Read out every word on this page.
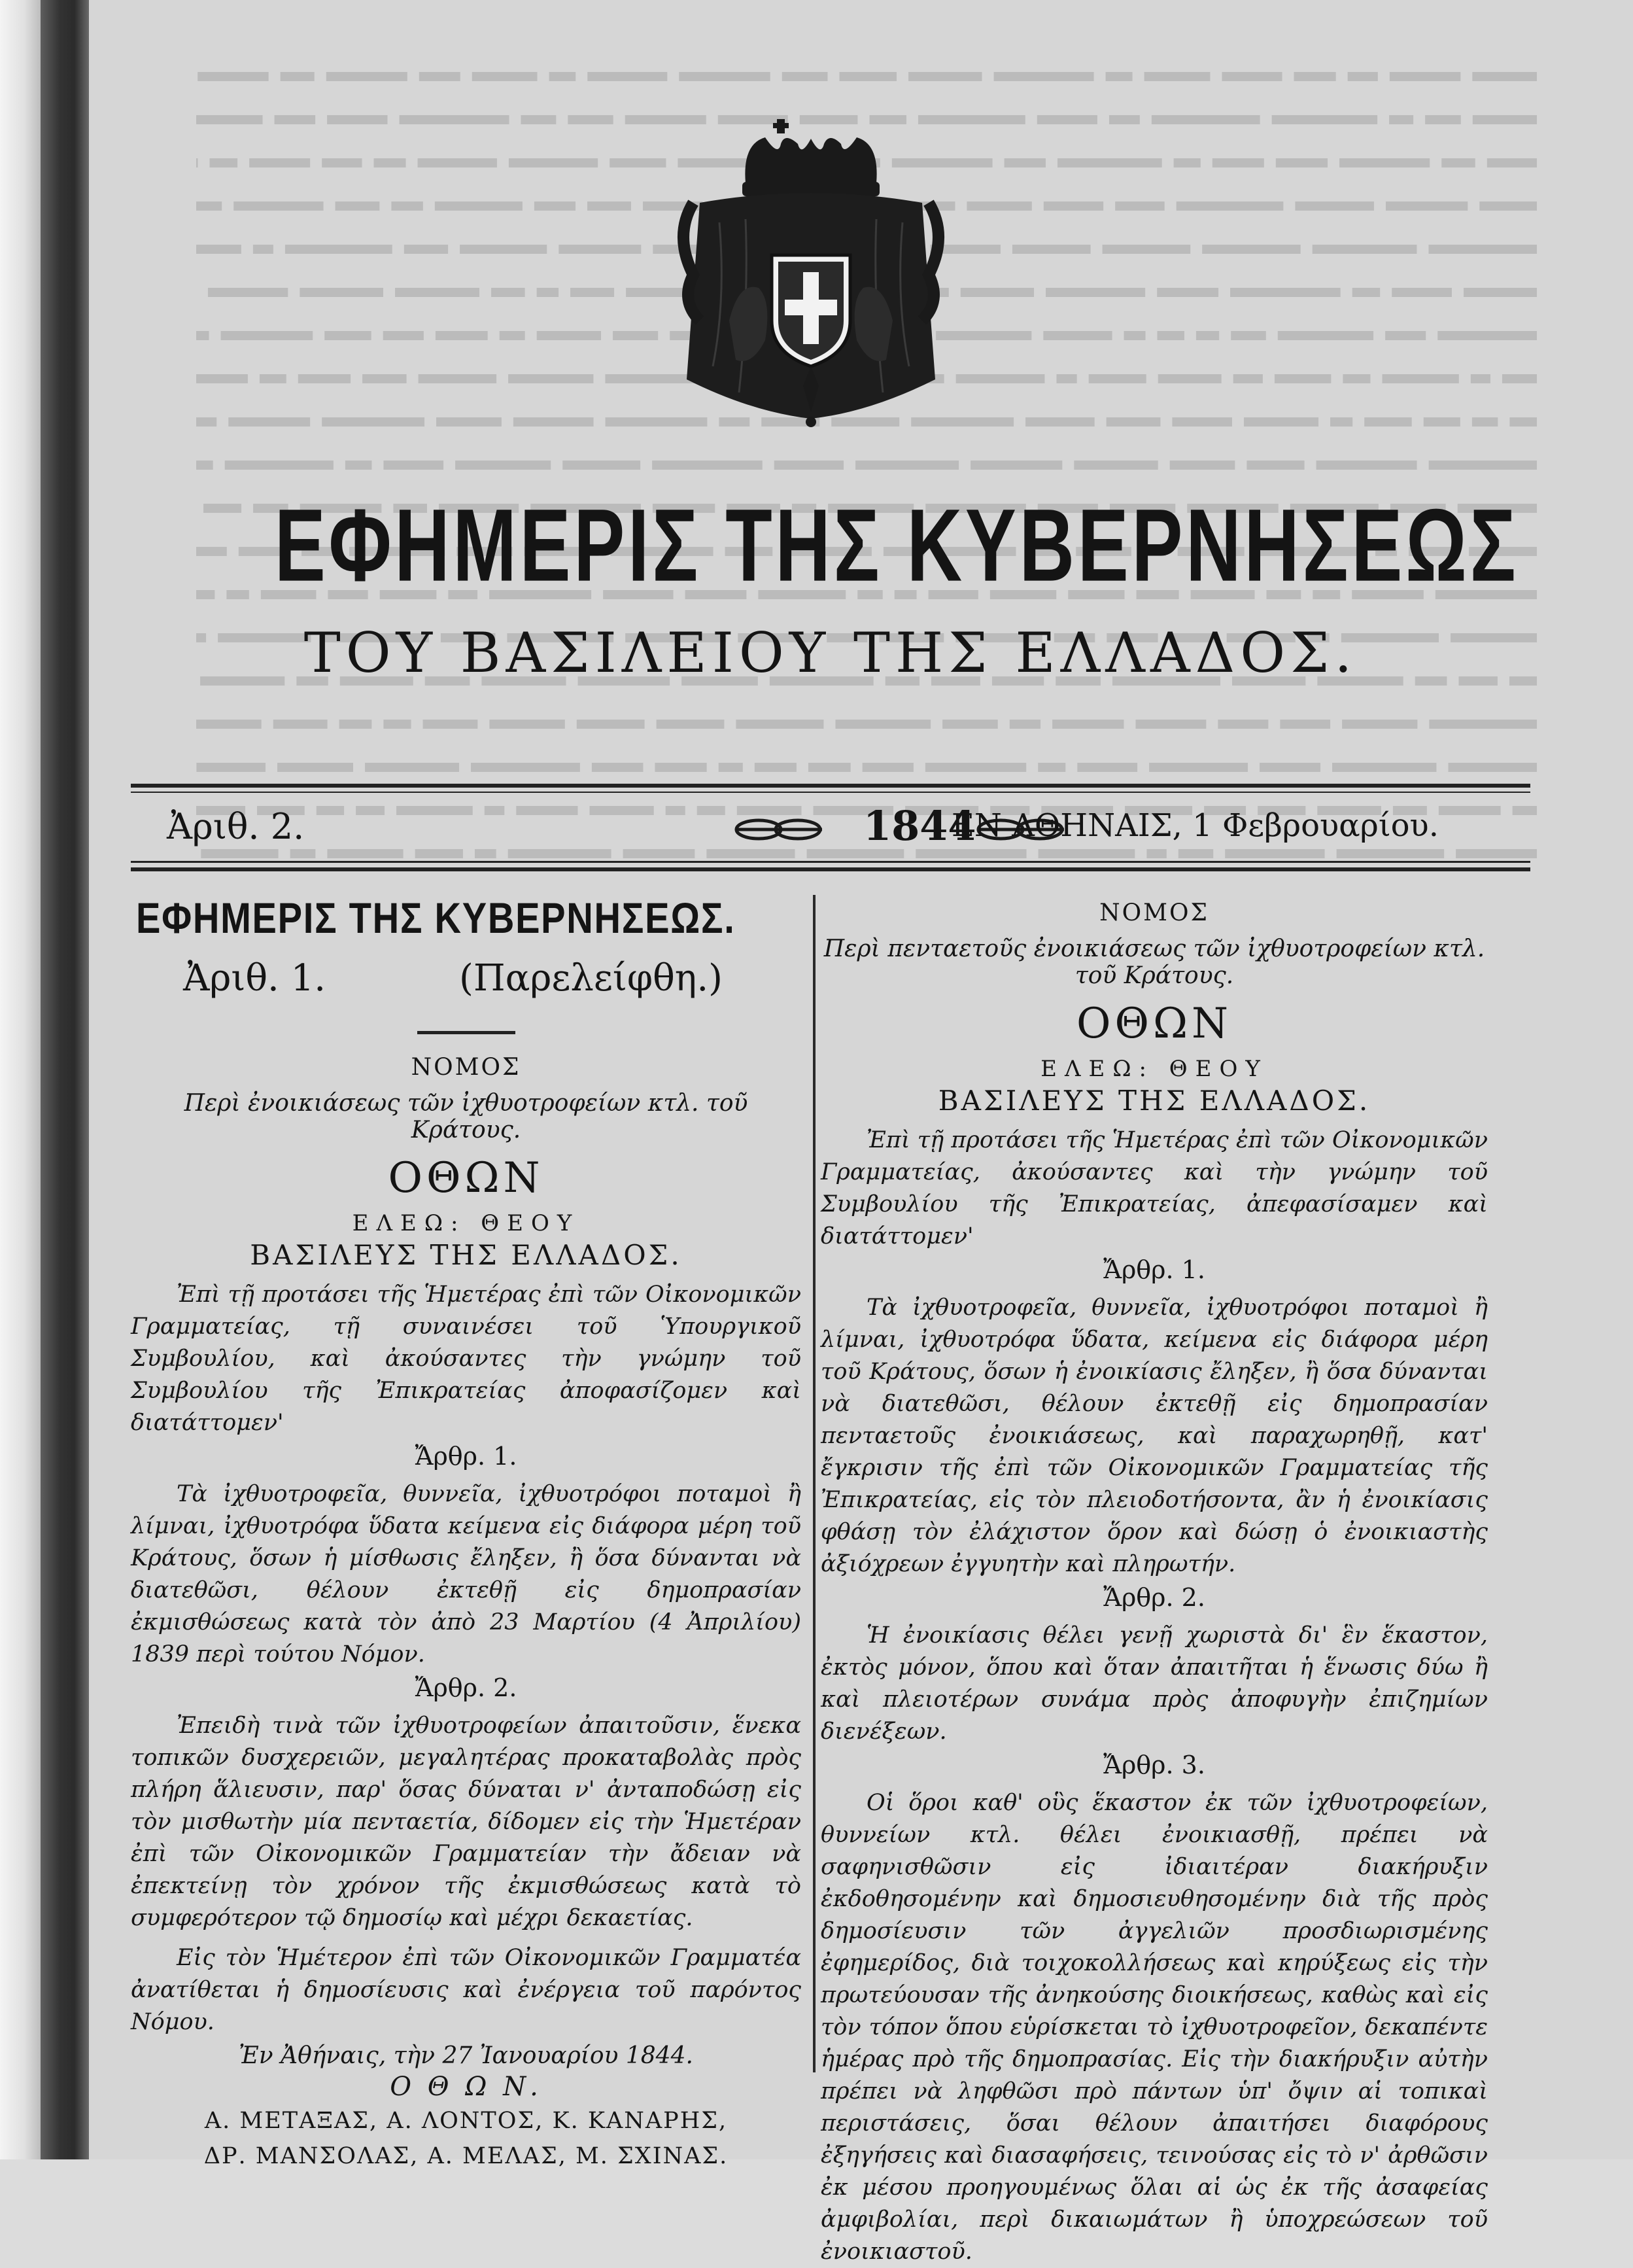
ΕΦΗΜΕΡΙΣ ΤΗΣ ΚΥΒΕΡΝΗΣΕΩΣ
ΤΟΥ ΒΑΣΙΛΕΙΟΥ ΤΗΣ ΕΛΛΑΔΟΣ.
Ἀριθ. 2.	1844
ΕΝ ΑΘΗΝΑΙΣ, 1 Φεβρουαρίου.
ΕΦΗΜΕΡΙΣ ΤΗΣ ΚΥΒΕΡΝΗΣΕΩΣ.
Ἀριθ. 1.	(Παρελείφθη.)
ΝΟΜΟΣ
Περὶ ἐνοικιάσεως τῶν ἰχθυοτροφείων κτλ. τοῦ Κράτους.
ΟΘΩΝ
ΕΛΕΩ: ΘΕΟΥ
ΒΑΣΙΛΕΥΣ ΤΗΣ ΕΛΛΑΔΟΣ.
Ἐπὶ τῇ προτάσει τῆς Ἡμετέρας ἐπὶ τῶν Οἰκονομικῶν Γραμματείας, τῇ συναινέσει τοῦ Ὑπουργικοῦ Συμβουλίου, καὶ ἀκούσαντες τὴν γνώμην τοῦ Συμβουλίου τῆς Ἐπικρατείας ἀποφασίζομεν καὶ διατάττομεν'
Ἄρθρ. 1.
Τὰ ἰχθυοτροφεῖα, θυννεῖα, ἰχθυοτρόφοι ποταμοὶ ἢ λίμναι, ἰχθυοτρόφα ὕδατα κείμενα εἰς διάφορα μέρη τοῦ Κράτους, ὅσων ἡ μίσθωσις ἔληξεν, ἢ ὅσα δύνανται νὰ διατεθῶσι, θέλουν ἐκτεθῇ εἰς δημοπρασίαν ἐκμισθώσεως κατὰ τὸν ἀπὸ 23 Μαρτίου (4 Ἀπριλίου) 1839 περὶ τούτου Νόμον.
Ἄρθρ. 2.
Ἐπειδὴ τινὰ τῶν ἰχθυοτροφείων ἀπαιτοῦσιν, ἕνεκα τοπικῶν δυσχερειῶν, μεγαλητέρας προκαταβολὰς πρὸς πλήρη ἅλιευσιν, παρ' ὅσας δύναται ν' ἀνταποδώσῃ εἰς τὸν μισθωτὴν μία πενταετία, δίδομεν εἰς τὴν Ἡμετέραν ἐπὶ τῶν Οἰκονομικῶν Γραμματείαν τὴν ἄδειαν νὰ ἐπεκτείνῃ τὸν χρόνον τῆς ἐκμισθώσεως κατὰ τὸ συμφερότερον τῷ δημοσίῳ καὶ μέχρι δεκαετίας.
Εἰς τὸν Ἡμέτερον ἐπὶ τῶν Οἰκονομικῶν Γραμματέα ἀνατίθεται ἡ δημοσίευσις καὶ ἐνέργεια τοῦ παρόντος Νόμου.
Ἐν Ἀθήναις, τὴν 27 Ἰανουαρίου 1844.
Ο Θ Ω Ν.
Α. ΜΕΤΑΞΑΣ, Α. ΛΟΝΤΟΣ, Κ. ΚΑΝΑΡΗΣ,
ΔΡ. ΜΑΝΣΟΛΑΣ, Α. ΜΕΛΑΣ, Μ. ΣΧΙΝΑΣ.
ΝΟΜΟΣ
Περὶ πενταετοῦς ἐνοικιάσεως τῶν ἰχθυοτροφείων κτλ. τοῦ Κράτους.
ΟΘΩΝ
ΕΛΕΩ: ΘΕΟΥ
ΒΑΣΙΛΕΥΣ ΤΗΣ ΕΛΛΑΔΟΣ.
Ἐπὶ τῇ προτάσει τῆς Ἡμετέρας ἐπὶ τῶν Οἰκονομικῶν Γραμματείας, ἀκούσαντες καὶ τὴν γνώμην τοῦ Συμβουλίου τῆς Ἐπικρατείας, ἀπεφασίσαμεν καὶ διατάττομεν'
Ἄρθρ. 1.
Τὰ ἰχθυοτροφεῖα, θυννεῖα, ἰχθυοτρόφοι ποταμοὶ ἢ λίμναι, ἰχθυοτρόφα ὕδατα, κείμενα εἰς διάφορα μέρη τοῦ Κράτους, ὅσων ἡ ἐνοικίασις ἔληξεν, ἢ ὅσα δύνανται νὰ διατεθῶσι, θέλουν ἐκτεθῇ εἰς δημοπρασίαν πενταετοῦς ἐνοικιάσεως, καὶ παραχωρηθῇ, κατ' ἔγκρισιν τῆς ἐπὶ τῶν Οἰκονομικῶν Γραμματείας τῆς Ἐπικρατείας, εἰς τὸν πλειοδοτήσοντα, ἂν ἡ ἐνοικίασις φθάσῃ τὸν ἐλάχιστον ὅρον καὶ δώσῃ ὁ ἐνοικιαστὴς ἀξιόχρεων ἐγγυητὴν καὶ πληρωτήν.
Ἄρθρ. 2.
Ἡ ἐνοικίασις θέλει γενῇ χωριστὰ δι' ἓν ἕκαστον, ἐκτὸς μόνον, ὅπου καὶ ὅταν ἀπαιτῆται ἡ ἕνωσις δύω ἢ καὶ πλειοτέρων συνάμα πρὸς ἀποφυγὴν ἐπιζημίων διενέξεων.
Ἄρθρ. 3.
Οἱ ὅροι καθ' οὓς ἕκαστον ἐκ τῶν ἰχθυοτροφείων, θυννείων κτλ. θέλει ἐνοικιασθῇ, πρέπει νὰ σαφηνισθῶσιν εἰς ἰδιαιτέραν διακήρυξιν ἐκδοθησομένην καὶ δημοσιευθησομένην διὰ τῆς πρὸς δημοσίευσιν τῶν ἀγγελιῶν προσδιωρισμένης ἐφημερίδος, διὰ τοιχοκολλήσεως καὶ κηρύξεως εἰς τὴν πρωτεύουσαν τῆς ἀνηκούσης διοικήσεως, καθὼς καὶ εἰς τὸν τόπον ὅπου εὑρίσκεται τὸ ἰχθυοτροφεῖον, δεκαπέντε ἡμέρας πρὸ τῆς δημοπρασίας. Εἰς τὴν διακήρυξιν αὐτὴν πρέπει νὰ ληφθῶσι πρὸ πάντων ὑπ' ὄψιν αἱ τοπικαὶ περιστάσεις, ὅσαι θέλουν ἀπαιτήσει διαφόρους ἐξηγήσεις καὶ διασαφήσεις, τεινούσας εἰς τὸ ν' ἀρθῶσιν ἐκ μέσου προηγουμένως ὅλαι αἱ ὡς ἐκ τῆς ἀσαφείας ἀμφιβολίαι, περὶ δικαιωμάτων ἢ ὑποχρεώσεων τοῦ ἐνοικιαστοῦ.
